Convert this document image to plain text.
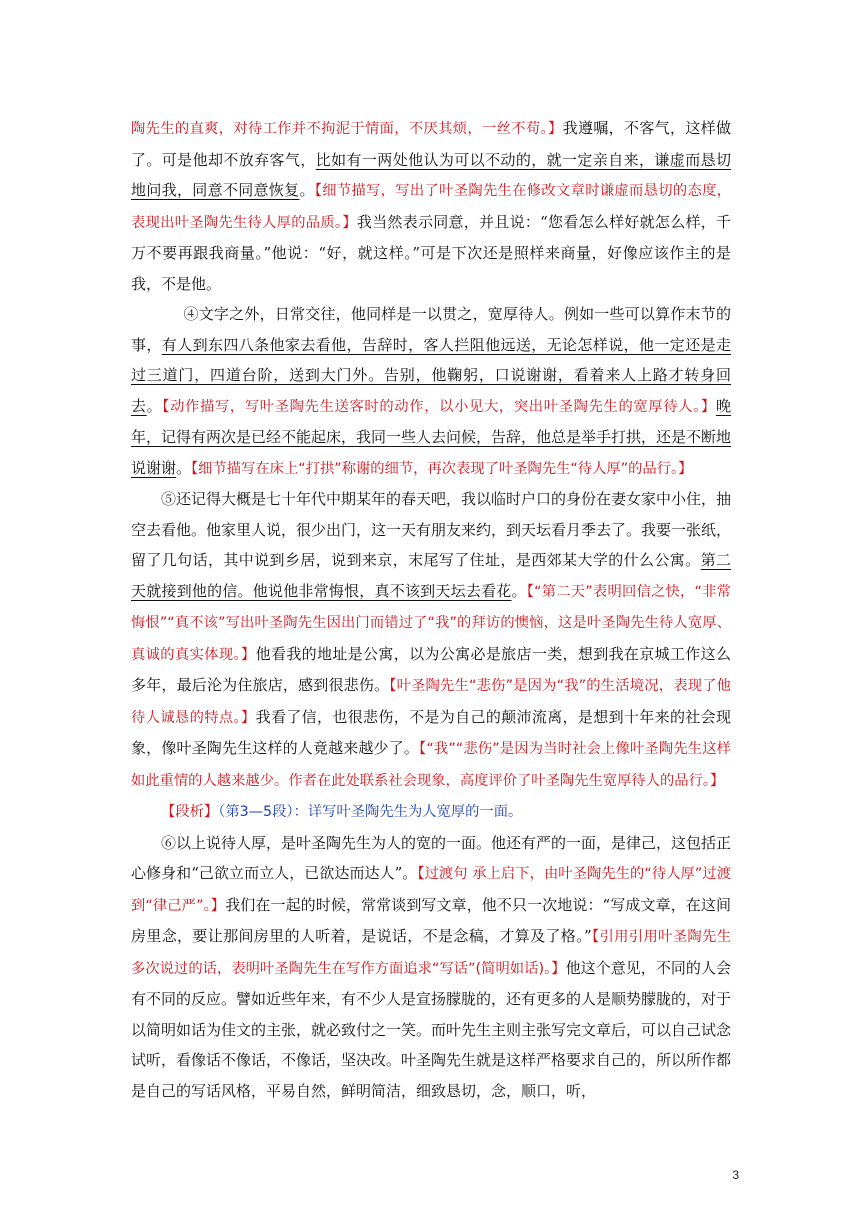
陶先生的直爽，对待工作并不拘泥于情面，不厌其烦，一丝不苟。】我遵嘱，不客气，这样做了。可是他却不放弃客气，比如有一两处他认为可以不动的，就一定亲自来，谦虚而恳切地问我，同意不同意恢复。【细节描写，写出了叶圣陶先生在修改文章时谦虚而恳切的态度，表现出叶圣陶先生待人厚的品质。】我当然表示同意，并且说：“您看怎么样好就怎么样，千万不要再跟我商量。”他说：“好，就这样。”可是下次还是照样来商量，好像应该作主的是我，不是他。

④文字之外，日常交往，他同样是一以贯之，宽厚待人。例如一些可以算作末节的事，有人到东四八条他家去看他，告辞时，客人拦阻他远送，无论怎样说，他一定还是走过三道门，四道台阶，送到大门外。告别，他鞠躬，口说谢谢，看着来人上路才转身回去。【动作描写，写叶圣陶先生送客时的动作，以小见大，突出叶圣陶先生的宽厚待人。】晚年，记得有两次是已经不能起床，我同一些人去问候，告辞，他总是举手打拱，还是不断地说谢谢。【细节描写在床上“打拱”称谢的细节，再次表现了叶圣陶先生“待人厚”的品行。】

⑤还记得大概是七十年代中期某年的春天吧，我以临时户口的身份在妻女家中小住，抽空去看他。他家里人说，很少出门，这一天有朋友来约，到天坛看月季去了。我要一张纸，留了几句话，其中说到乡居，说到来京，末尾写了住址，是西郊某大学的什么公寓。第二天就接到他的信。他说他非常悔恨，真不该到天坛去看花。【“第二天”表明回信之快，“非常悔恨”“真不该”写出叶圣陶先生因出门而错过了“我”的拜访的懊恼，这是叶圣陶先生待人宽厚、真诚的真实体现。】他看我的地址是公寓，以为公寓必是旅店一类，想到我在京城工作这么多年，最后沦为住旅店，感到很悲伤。【叶圣陶先生“悲伤”是因为“我”的生活境况，表现了他待人诚恳的特点。】我看了信，也很悲伤，不是为自己的颠沛流离，是想到十年来的社会现象，像叶圣陶先生这样的人竟越来越少了。【“我”“悲伤”是因为当时社会上像叶圣陶先生这样如此重情的人越来越少。作者在此处联系社会现象，高度评价了叶圣陶先生宽厚待人的品行。】

【段析】（第3—5段）：详写叶圣陶先生为人宽厚的一面。

⑥以上说待人厚，是叶圣陶先生为人的宽的一面。他还有严的一面，是律己，这包括正心修身和“己欲立而立人，已欲达而达人”。【过渡句 承上启下，由叶圣陶先生的“待人厚”过渡到“律己严”。】我们在一起的时候，常常谈到写文章，他不只一次地说：“写成文章，在这间房里念，要让那间房里的人听着，是说话，不是念稿，才算及了格。”【引用引用叶圣陶先生多次说过的话，表明叶圣陶先生在写作方面追求“写话”(简明如话)。】他这个意见，不同的人会有不同的反应。譬如近些年来，有不少人是宣扬朦胧的，还有更多的人是顺势朦胧的，对于以简明如话为佳文的主张，就必致付之一笑。而叶先生主则主张写完文章后，可以自己试念试听，看像话不像话，不像话，坚决改。叶圣陶先生就是这样严格要求自己的，所以所作都是自己的写话风格，平易自然，鲜明简洁，细致恳切，念，顺口，听，

3
